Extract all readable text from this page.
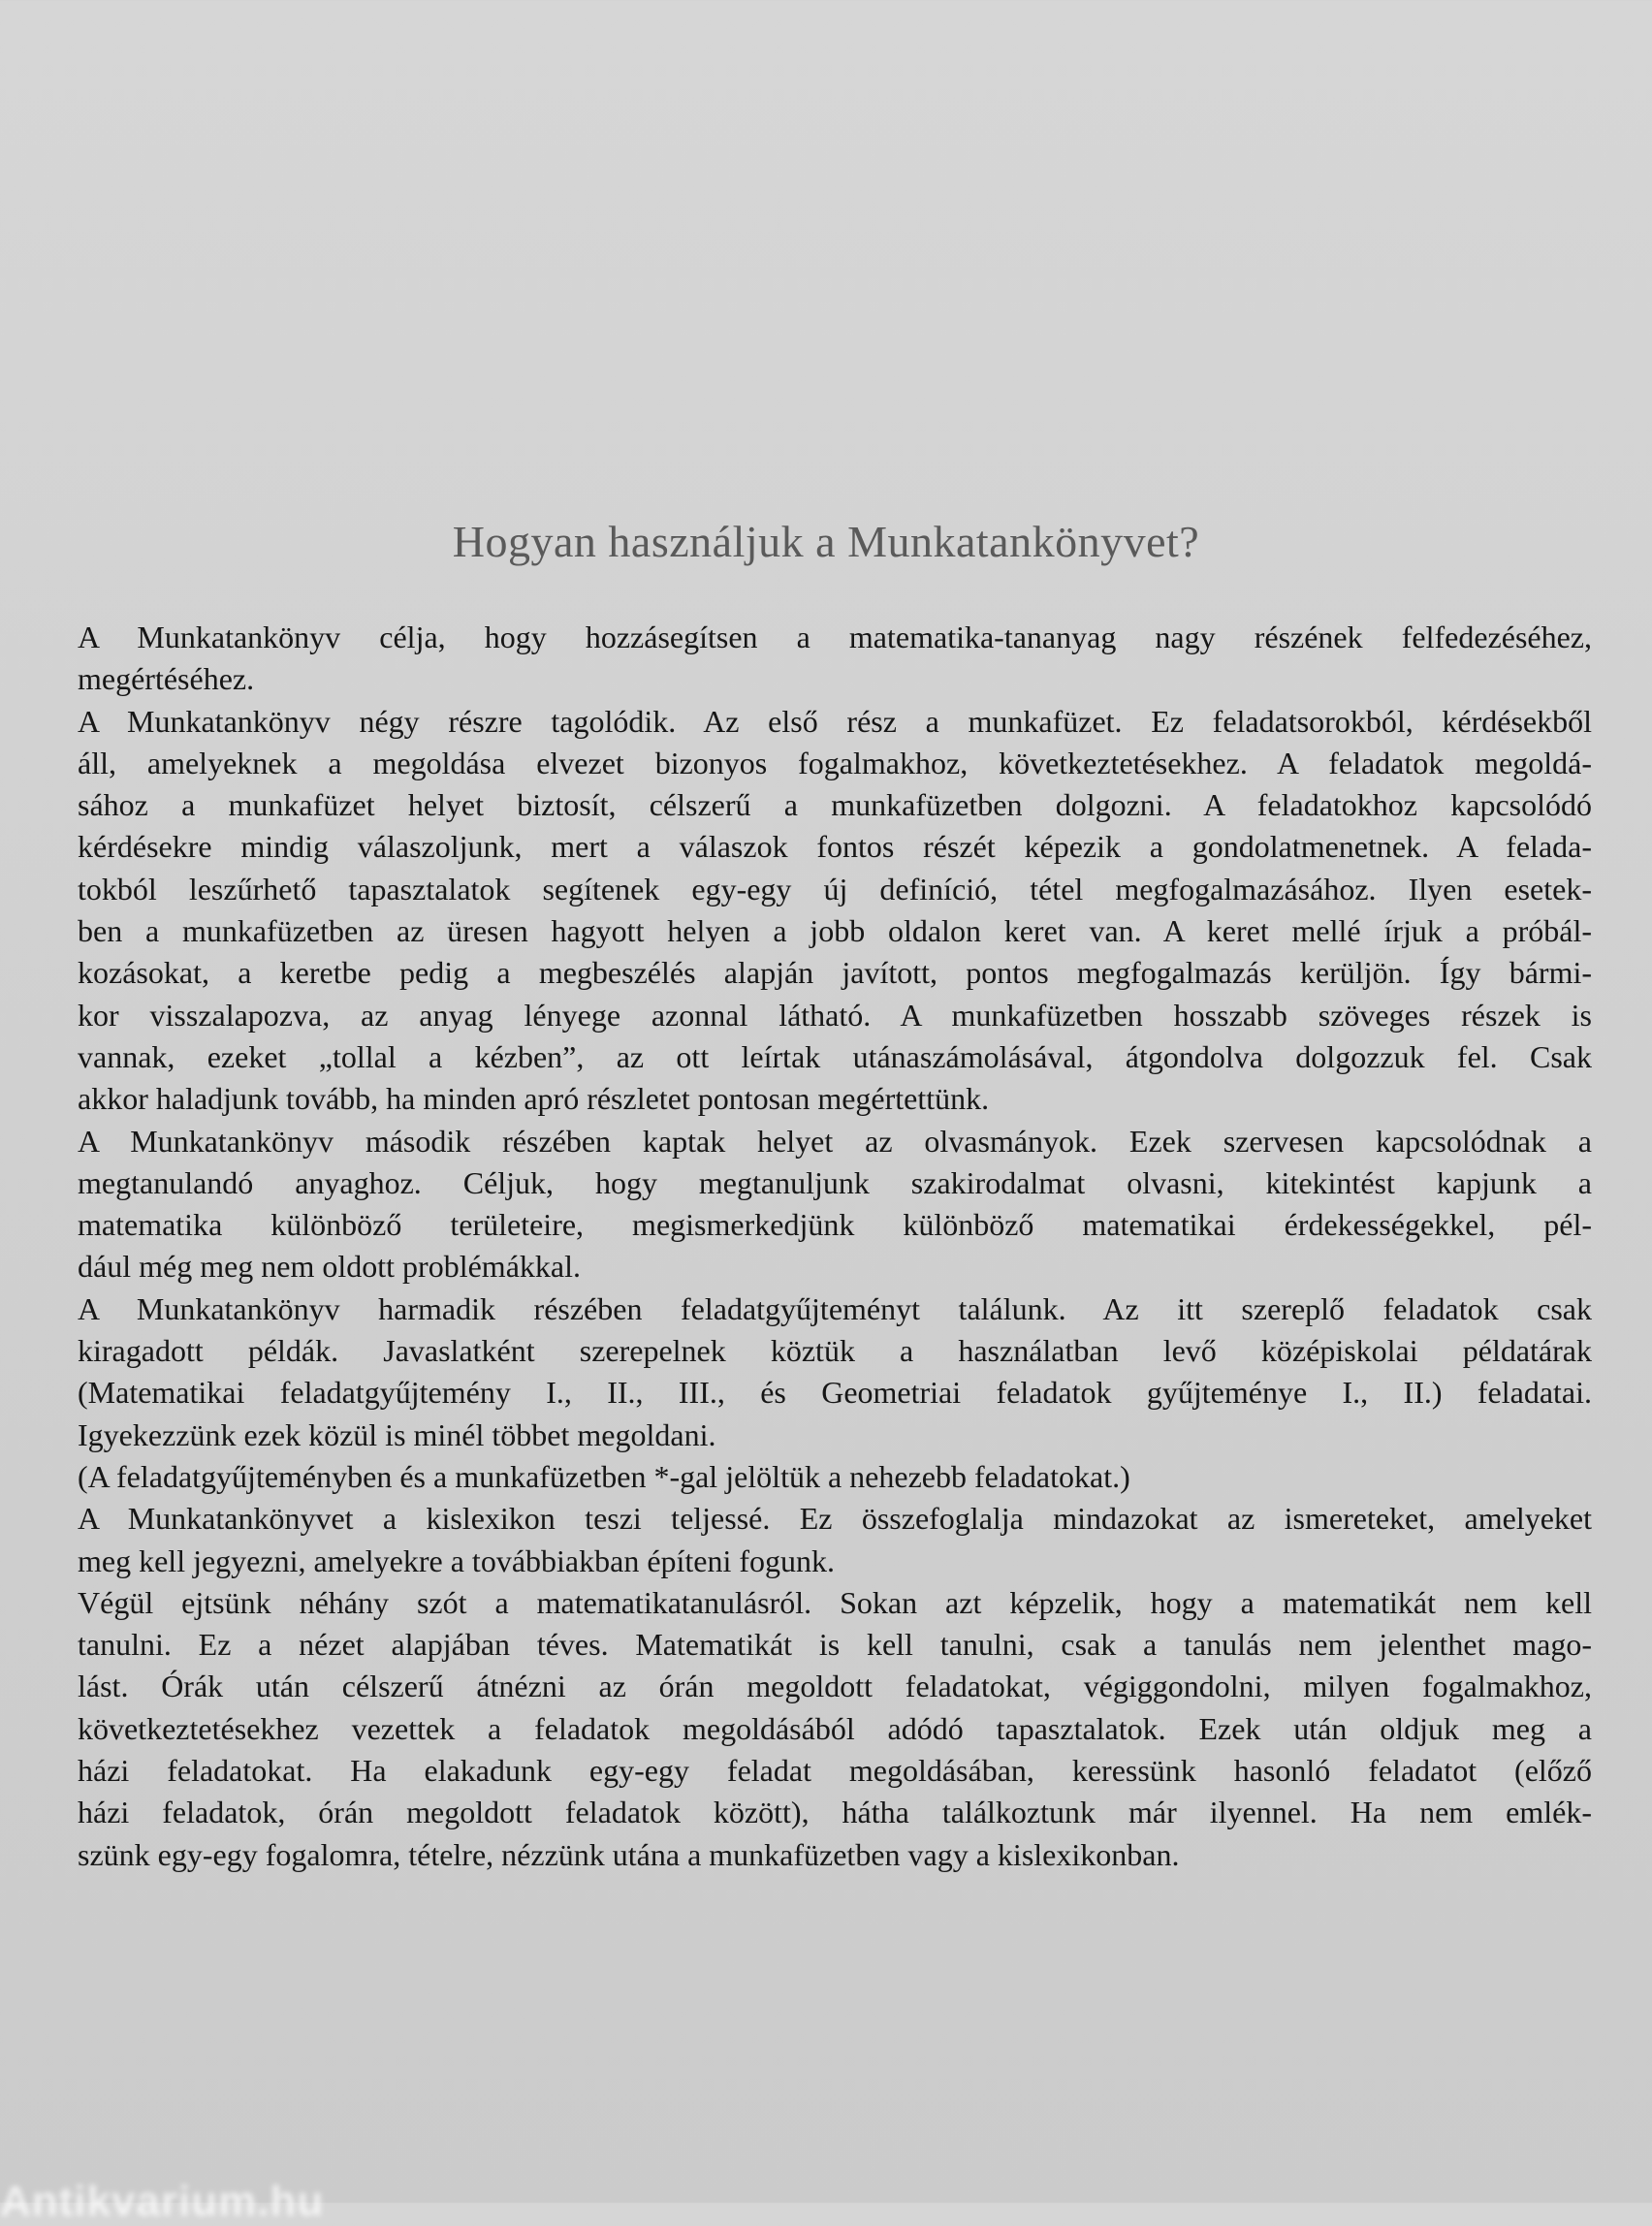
Hogyan használjuk a Munkatankönyvet?
A Munkatankönyv célja, hogy hozzásegítsen a matematika-tananyag nagy részének felfedezéséhez,
megértéséhez.
A Munkatankönyv négy részre tagolódik. Az első rész a munkafüzet. Ez feladatsorokból, kérdésekből
áll, amelyeknek a megoldása elvezet bizonyos fogalmakhoz, következtetésekhez. A feladatok megoldá-
sához a munkafüzet helyet biztosít, célszerű a munkafüzetben dolgozni. A feladatokhoz kapcsolódó
kérdésekre mindig válaszoljunk, mert a válaszok fontos részét képezik a gondolatmenetnek. A felada-
tokból leszűrhető tapasztalatok segítenek egy-egy új definíció, tétel megfogalmazásához. Ilyen esetek-
ben a munkafüzetben az üresen hagyott helyen a jobb oldalon keret van. A keret mellé írjuk a próbál-
kozásokat, a keretbe pedig a megbeszélés alapján javított, pontos megfogalmazás kerüljön. Így bármi-
kor visszalapozva, az anyag lényege azonnal látható. A munkafüzetben hosszabb szöveges részek is
vannak, ezeket „tollal a kézben”, az ott leírtak utánaszámolásával, átgondolva dolgozzuk fel. Csak
akkor haladjunk tovább, ha minden apró részletet pontosan megértettünk.
A Munkatankönyv második részében kaptak helyet az olvasmányok. Ezek szervesen kapcsolódnak a
megtanulandó anyaghoz. Céljuk, hogy megtanuljunk szakirodalmat olvasni, kitekintést kapjunk a
matematika különböző területeire, megismerkedjünk különböző matematikai érdekességekkel, pél-
dául még meg nem oldott problémákkal.
A Munkatankönyv harmadik részében feladatgyűjteményt találunk. Az itt szereplő feladatok csak
kiragadott példák. Javaslatként szerepelnek köztük a használatban levő középiskolai példatárak
(Matematikai feladatgyűjtemény I., II., III., és Geometriai feladatok gyűjteménye I., II.) feladatai.
Igyekezzünk ezek közül is minél többet megoldani.
(A feladatgyűjteményben és a munkafüzetben *-gal jelöltük a nehezebb feladatokat.)
A Munkatankönyvet a kislexikon teszi teljessé. Ez összefoglalja mindazokat az ismereteket, amelyeket
meg kell jegyezni, amelyekre a továbbiakban építeni fogunk.
Végül ejtsünk néhány szót a matematikatanulásról. Sokan azt képzelik, hogy a matematikát nem kell
tanulni. Ez a nézet alapjában téves. Matematikát is kell tanulni, csak a tanulás nem jelenthet mago-
lást. Órák után célszerű átnézni az órán megoldott feladatokat, végiggondolni, milyen fogalmakhoz,
következtetésekhez vezettek a feladatok megoldásából adódó tapasztalatok. Ezek után oldjuk meg a
házi feladatokat. Ha elakadunk egy-egy feladat megoldásában, keressünk hasonló feladatot (előző
házi feladatok, órán megoldott feladatok között), hátha találkoztunk már ilyennel. Ha nem emlék-
szünk egy-egy fogalomra, tételre, nézzünk utána a munkafüzetben vagy a kislexikonban.
Antikvarium.hu
